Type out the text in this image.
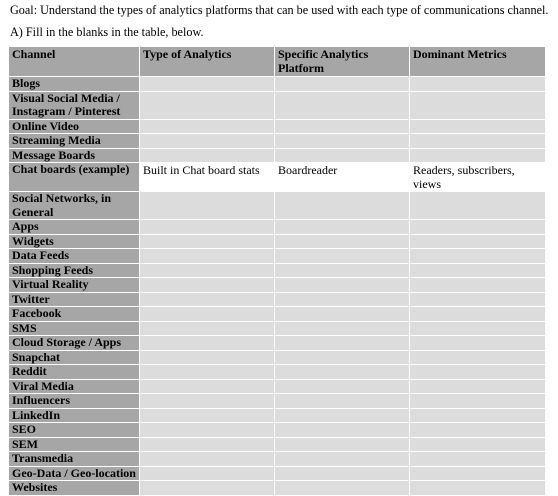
Goal: Understand the types of analytics platforms that can be used with each type of communications channel.
A) Fill in the blanks in the table, below.
Channel	Type of Analytics	Specific Analytics Platform	Dominant Metrics
Blogs			
Visual Social Media / Instagram / Pinterest			
Online Video			
Streaming Media			
Message Boards			
Chat boards (example)	Built in Chat board stats	Boardreader	Readers, subscribers, views
Social Networks, in General			
Apps			
Widgets			
Data Feeds			
Shopping Feeds			
Virtual Reality			
Twitter			
Facebook			
SMS			
Cloud Storage / Apps			
Snapchat			
Reddit			
Viral Media			
Influencers			
LinkedIn			
SEO			
SEM			
Transmedia			
Geo-Data / Geo-location			
Websites			
